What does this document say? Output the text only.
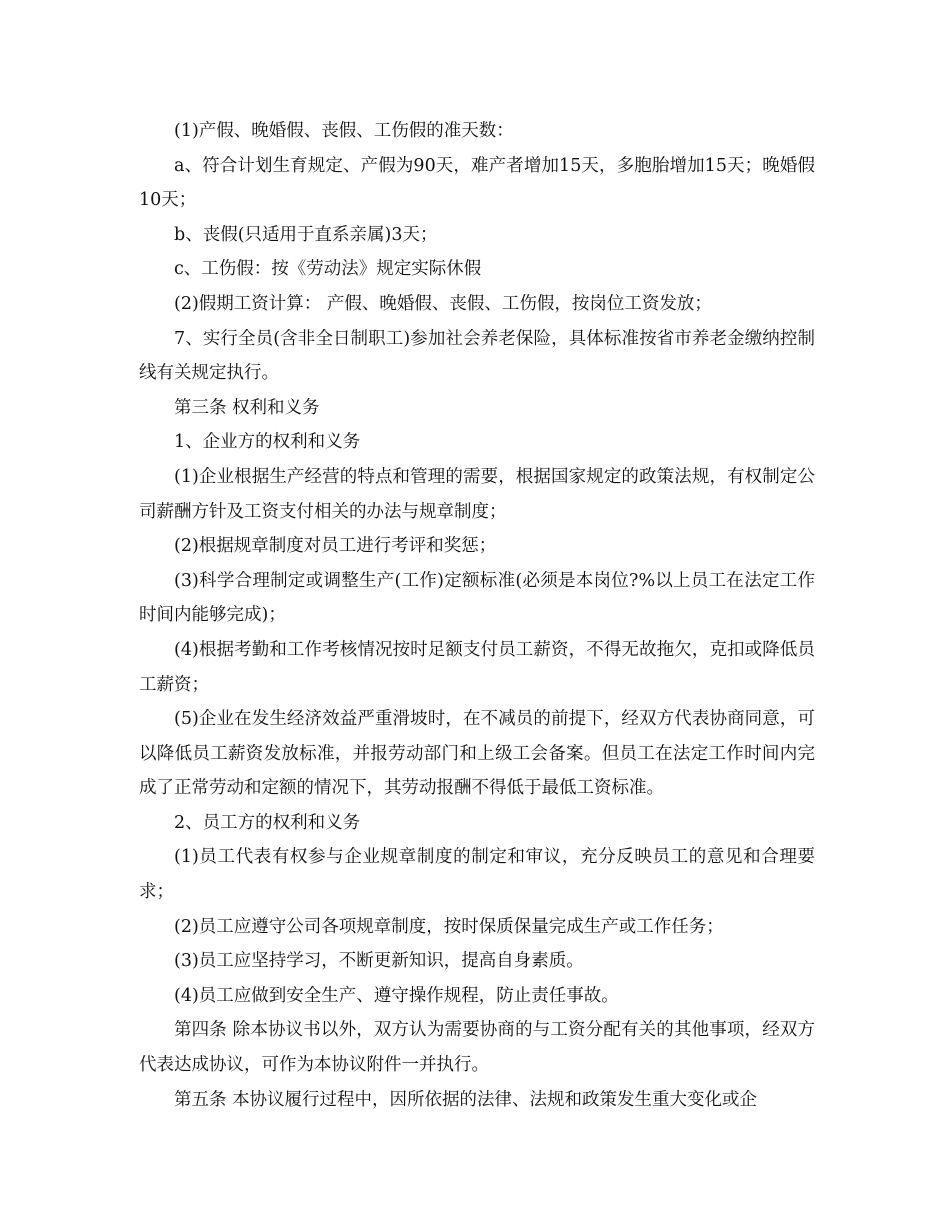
(1)产假、晚婚假、丧假、工伤假的准天数：

a、符合计划生育规定、产假为90天，难产者增加15天，多胞胎增加15天；晚婚假10天；

b、丧假(只适用于直系亲属)3天；

c、工伤假：按《劳动法》规定实际休假

(2)假期工资计算： 产假、晚婚假、丧假、工伤假，按岗位工资发放；

7、实行全员(含非全日制职工)参加社会养老保险，具体标准按省市养老金缴纳控制线有关规定执行。

第三条 权利和义务

1、企业方的权利和义务

(1)企业根据生产经营的特点和管理的需要，根据国家规定的政策法规，有权制定公司薪酬方针及工资支付相关的办法与规章制度；

(2)根据规章制度对员工进行考评和奖惩；

(3)科学合理制定或调整生产(工作)定额标准(必须是本岗位?%以上员工在法定工作时间内能够完成)；

(4)根据考勤和工作考核情况按时足额支付员工薪资，不得无故拖欠，克扣或降低员工薪资；

(5)企业在发生经济效益严重滑坡时，在不减员的前提下，经双方代表协商同意，可以降低员工薪资发放标准，并报劳动部门和上级工会备案。但员工在法定工作时间内完成了正常劳动和定额的情况下，其劳动报酬不得低于最低工资标准。

2、员工方的权利和义务

(1)员工代表有权参与企业规章制度的制定和审议，充分反映员工的意见和合理要求；

(2)员工应遵守公司各项规章制度，按时保质保量完成生产或工作任务；

(3)员工应坚持学习，不断更新知识，提高自身素质。

(4)员工应做到安全生产、遵守操作规程，防止责任事故。

第四条 除本协议书以外，双方认为需要协商的与工资分配有关的其他事项，经双方代表达成协议，可作为本协议附件一并执行。

第五条 本协议履行过程中，因所依据的法律、法规和政策发生重大变化或企
